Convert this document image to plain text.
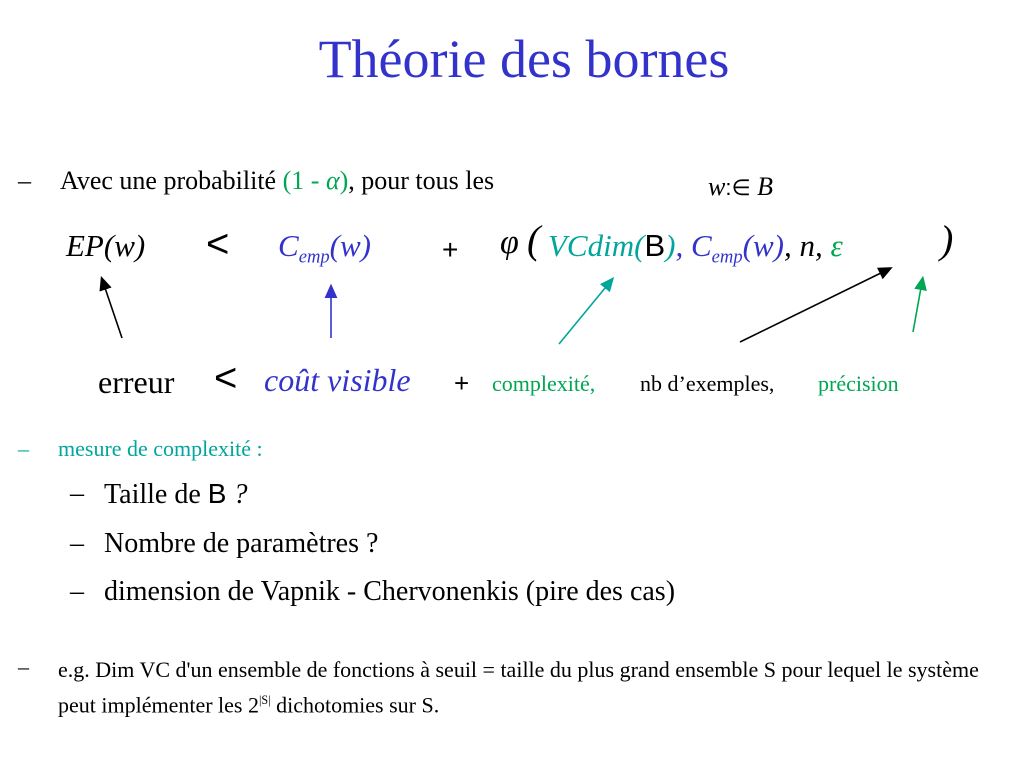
Théorie des bornes
– Avec une probabilité (1 - α), pour tous les	w:∈ B
$EP(w) < C_{emp}(w)$	+ φ ( VCdim(B), $C_{emp}(w)$, n, ε )
erreur < coût visible + complexité, nb d’exemples, précision
– mesure de complexité :
– Taille de B ?
– Nombre de paramètres ?
– dimension de Vapnik - Chervonenkis (pire des cas)
– e.g. Dim VC d'un ensemble de fonctions à seuil = taille du plus grand ensemble S pour lequel le système peut implémenter les $2^{|S|}$ dichotomies sur S.
